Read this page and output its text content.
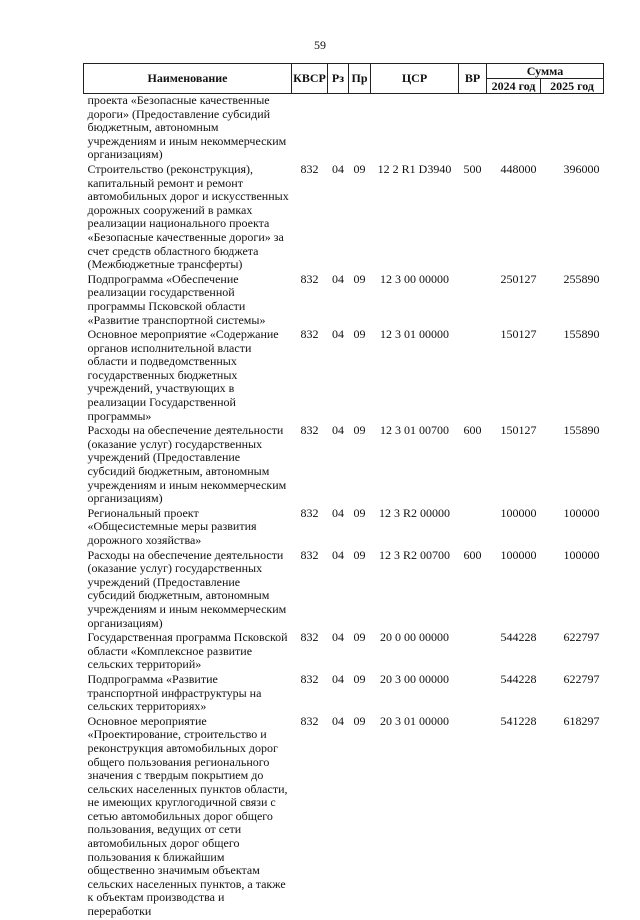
59
Наименование	КВСР	Рз	Пр	ЦСР	ВР	Сумма	
						2024 год	2025 год
проекта «Безопасные качественные дороги» (Предоставление субсидий бюджетным, автономным учреждениям и иным некоммерческим организациям)							
Строительство (реконструкция), капитальный ремонт и ремонт автомобильных дорог и искусственных дорожных сооружений в рамках реализации национального проекта «Безопасные качественные дороги» за счет средств областного бюджета (Межбюджетные трансферты)	832	04	09	12 2 R1 D3940	500	448000	396000
Подпрограмма «Обеспечение реализации государственной программы Псковской области «Развитие транспортной системы»	832	04	09	12 3 00 00000		250127	255890
Основное мероприятие «Содержание органов исполнительной власти области и подведомственных государственных бюджетных учреждений, участвующих в реализации Государственной программы»	832	04	09	12 3 01 00000		150127	155890
Расходы на обеспечение деятельности (оказание услуг) государственных учреждений (Предоставление субсидий бюджетным, автономным учреждениям и иным некоммерческим организациям)	832	04	09	12 3 01 00700	600	150127	155890
Региональный проект «Общесистемные меры развития дорожного хозяйства»	832	04	09	12 3 R2 00000		100000	100000
Расходы на обеспечение деятельности (оказание услуг) государственных учреждений (Предоставление субсидий бюджетным, автономным учреждениям и иным некоммерческим организациям)	832	04	09	12 3 R2 00700	600	100000	100000
Государственная программа Псковской области «Комплексное развитие сельских территорий»	832	04	09	20 0 00 00000		544228	622797
Подпрограмма «Развитие транспортной инфраструктуры на сельских территориях»	832	04	09	20 3 00 00000		544228	622797
Основное мероприятие «Проектирование, строительство и реконструкция автомобильных дорог общего пользования регионального значения с твердым покрытием до сельских населенных пунктов области, не имеющих круглогодичной связи с сетью автомобильных дорог общего пользования, ведущих от сети автомобильных дорог общего пользования к ближайшим общественно значимым объектам сельских населенных пунктов, а также к объектам производства и переработки	832	04	09	20 3 01 00000		541228	618297
